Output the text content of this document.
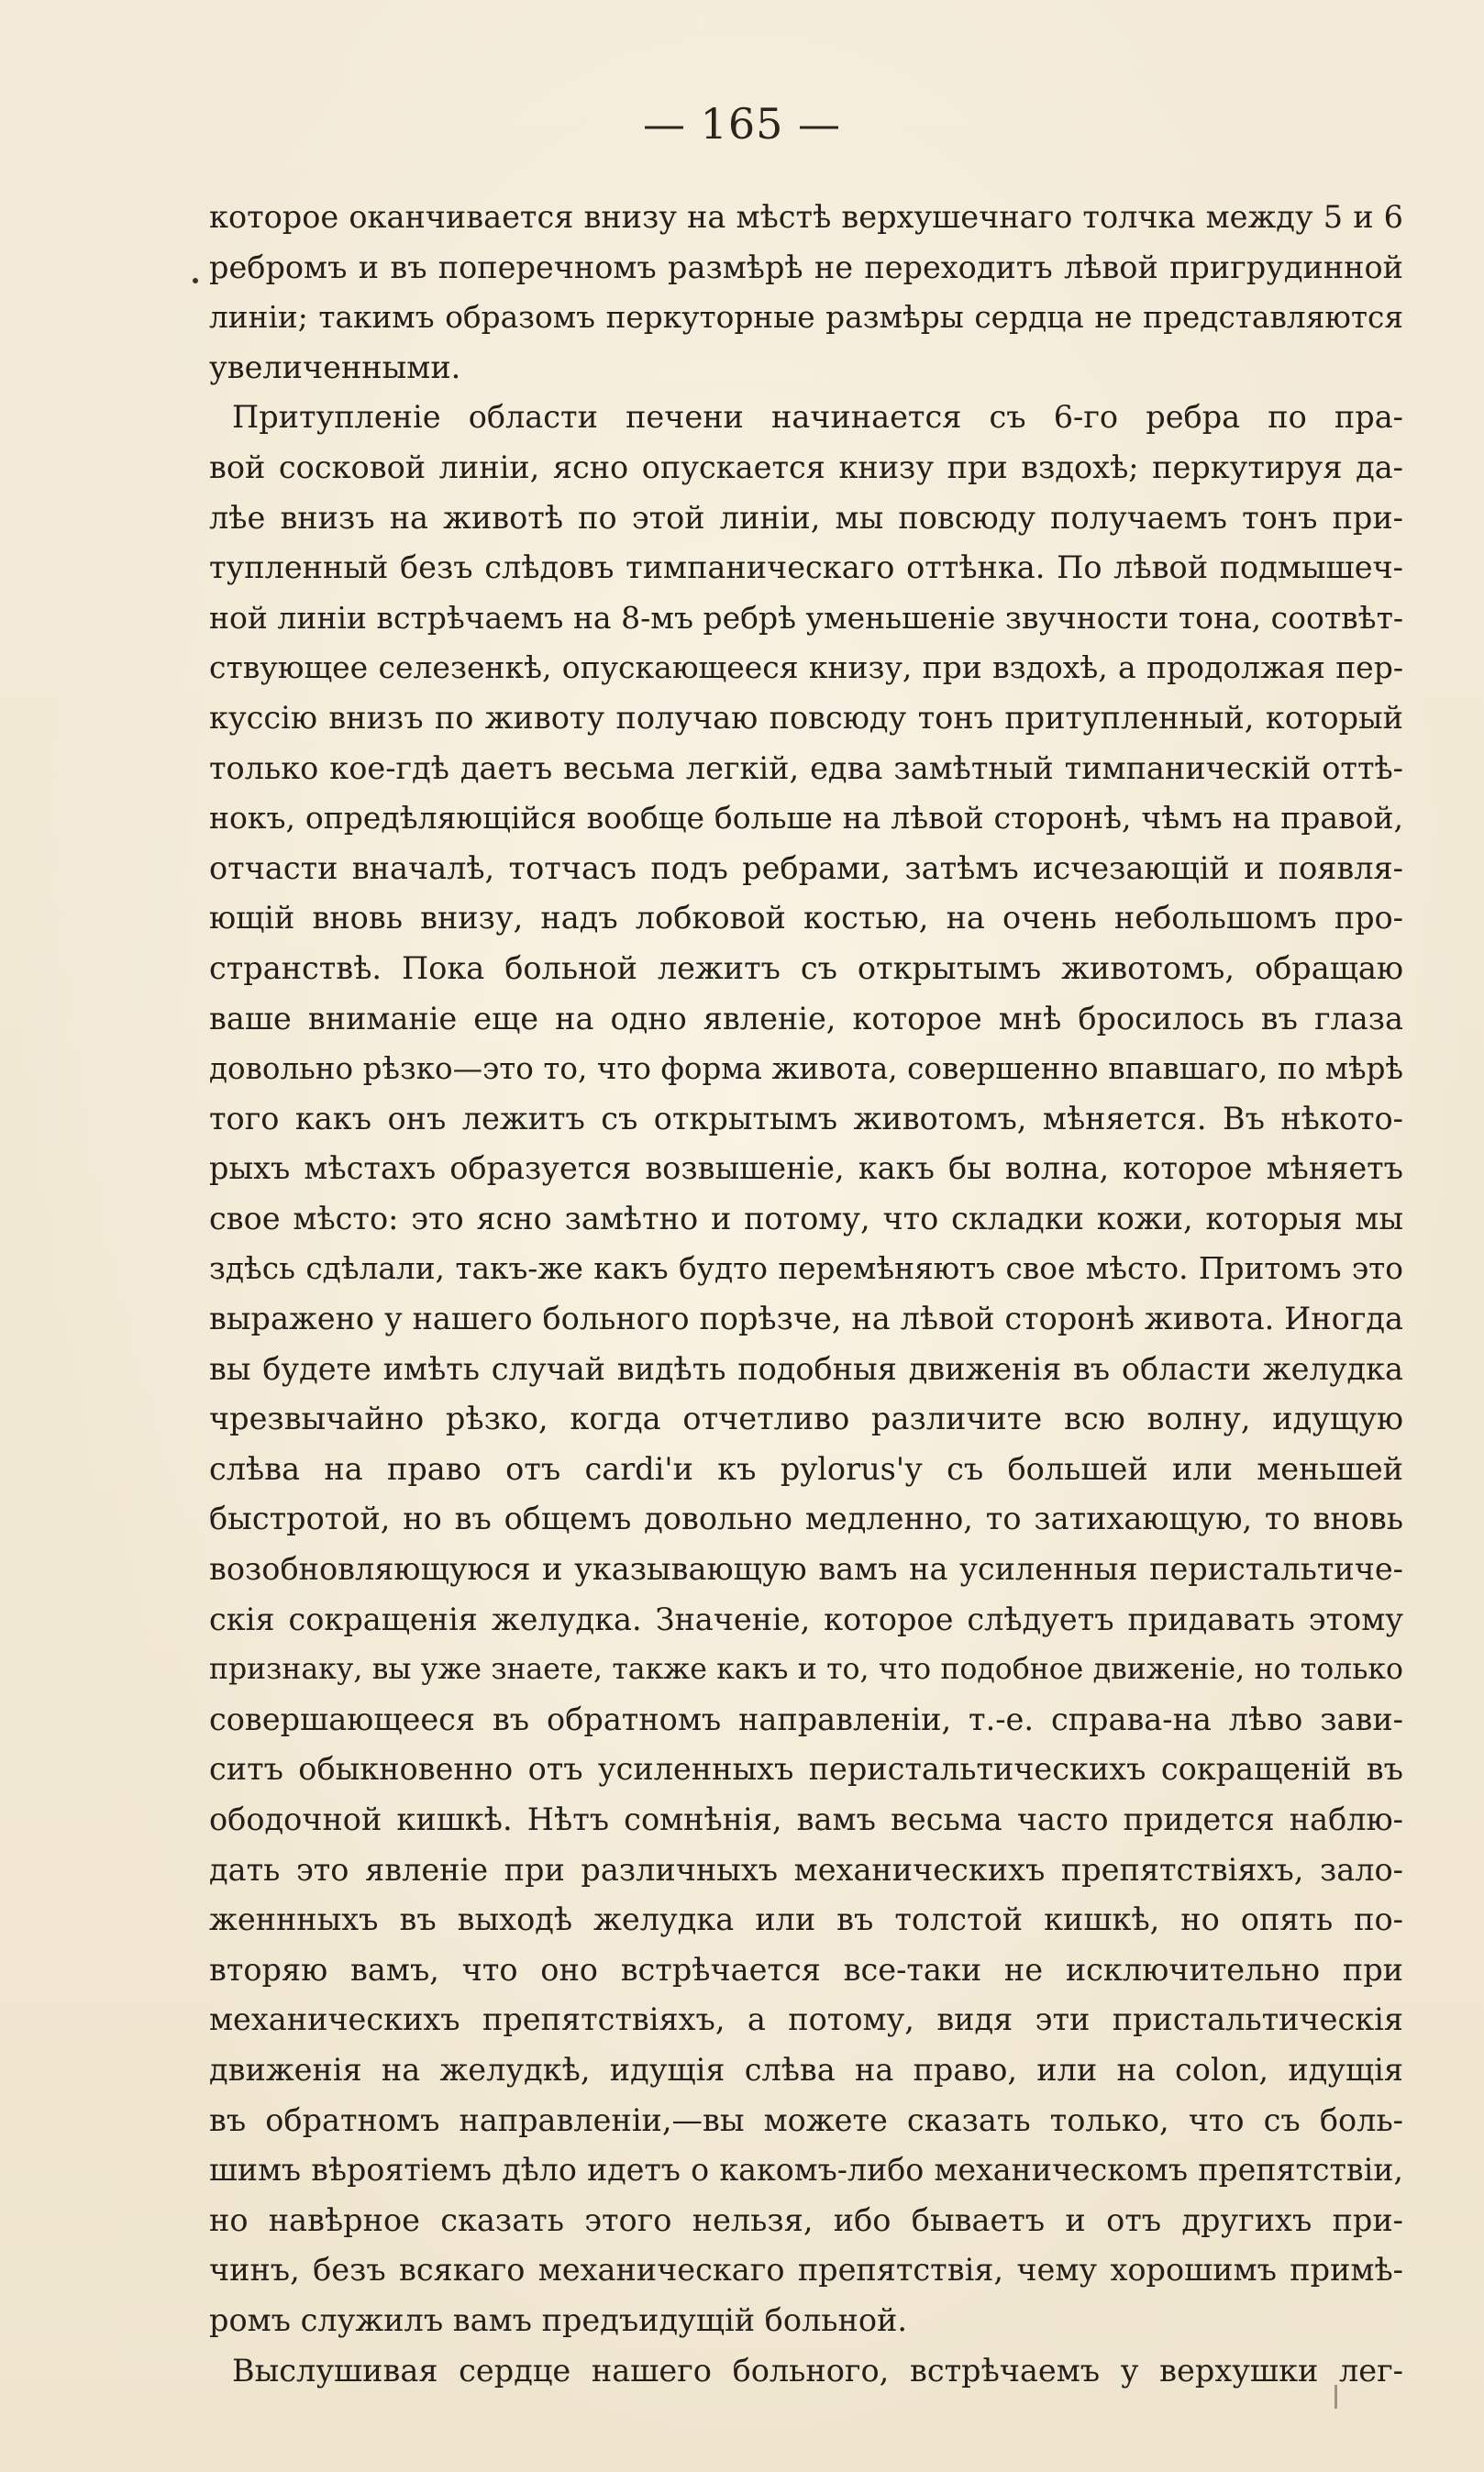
— 165 —
которое оканчивается внизу на мѣстѣ верхушечнаго толчка между 5 и 6
ребромъ и въ поперечномъ размѣрѣ не переходитъ лѣвой пригрудинной
линіи; такимъ образомъ перкуторные размѣры сердца не представляются
увеличенными.
Притупленіе области печени начинается съ 6-го ребра по пра-
вой сосковой линіи, ясно опускается книзу при вздохѣ; перкутируя да-
лѣе внизъ на животѣ по этой линіи, мы повсюду получаемъ тонъ при-
тупленный безъ слѣдовъ тимпаническаго оттѣнка. По лѣвой подмышеч-
ной линіи встрѣчаемъ на 8-мъ ребрѣ уменьшеніе звучности тона, соотвѣт-
ствующее селезенкѣ, опускающееся книзу, при вздохѣ, а продолжая пер-
куссію внизъ по животу получаю повсюду тонъ притупленный, который
только кое-гдѣ даетъ весьма легкій, едва замѣтный тимпаническій оттѣ-
нокъ, опредѣляющійся вообще больше на лѣвой сторонѣ, чѣмъ на правой,
отчасти вначалѣ, тотчасъ подъ ребрами, затѣмъ исчезающій и появля-
ющій вновь внизу, надъ лобковой костью, на очень небольшомъ про-
странствѣ. Пока больной лежитъ съ открытымъ животомъ, обращаю
ваше вниманіе еще на одно явленіе, которое мнѣ бросилось въ глаза
довольно рѣзко—это то, что форма живота, совершенно впавшаго, по мѣрѣ
того какъ онъ лежитъ съ открытымъ животомъ, мѣняется. Въ нѣкото-
рыхъ мѣстахъ образуется возвышеніе, какъ бы волна, которое мѣняетъ
свое мѣсто: это ясно замѣтно и потому, что складки кожи, которыя мы
здѣсь сдѣлали, такъ-же какъ будто перемѣняютъ свое мѣсто. Притомъ это
выражено у нашего больного порѣзче, на лѣвой сторонѣ живота. Иногда
вы будете имѣть случай видѣть подобныя движенія въ области желудка
чрезвычайно рѣзко, когда отчетливо различите всю волну, идущую
слѣва на право отъ cardi'и къ pylorus'у съ большей или меньшей
быстротой, но въ общемъ довольно медленно, то затихающую, то вновь
возобновляющуюся и указывающую вамъ на усиленныя перистальтиче-
скія сокращенія желудка. Значеніе, которое слѣдуетъ придавать этому
признаку, вы уже знаете, также какъ и то, что подобное движеніе, но только
совершающееся въ обратномъ направленіи, т.-е. справа-на лѣво зави-
ситъ обыкновенно отъ усиленныхъ перистальтическихъ сокращеній въ
ободочной кишкѣ. Нѣтъ сомнѣнія, вамъ весьма часто придется наблю-
дать это явленіе при различныхъ механическихъ препятствіяхъ, зало-
женнныхъ въ выходѣ желудка или въ толстой кишкѣ, но опять по-
вторяю вамъ, что оно встрѣчается все-таки не исключительно при
механическихъ препятствіяхъ, а потому, видя эти пристальтическія
движенія на желудкѣ, идущія слѣва на право, или на colon, идущія
въ обратномъ направленіи,—вы можете сказать только, что съ боль-
шимъ вѣроятіемъ дѣло идетъ о какомъ-либо механическомъ препятствіи,
но навѣрное сказать этого нельзя, ибо бываетъ и отъ другихъ при-
чинъ, безъ всякаго механическаго препятствія, чему хорошимъ примѣ-
ромъ служилъ вамъ предъидущій больной.
Выслушивая сердце нашего больного, встрѣчаемъ у верхушки лег-
